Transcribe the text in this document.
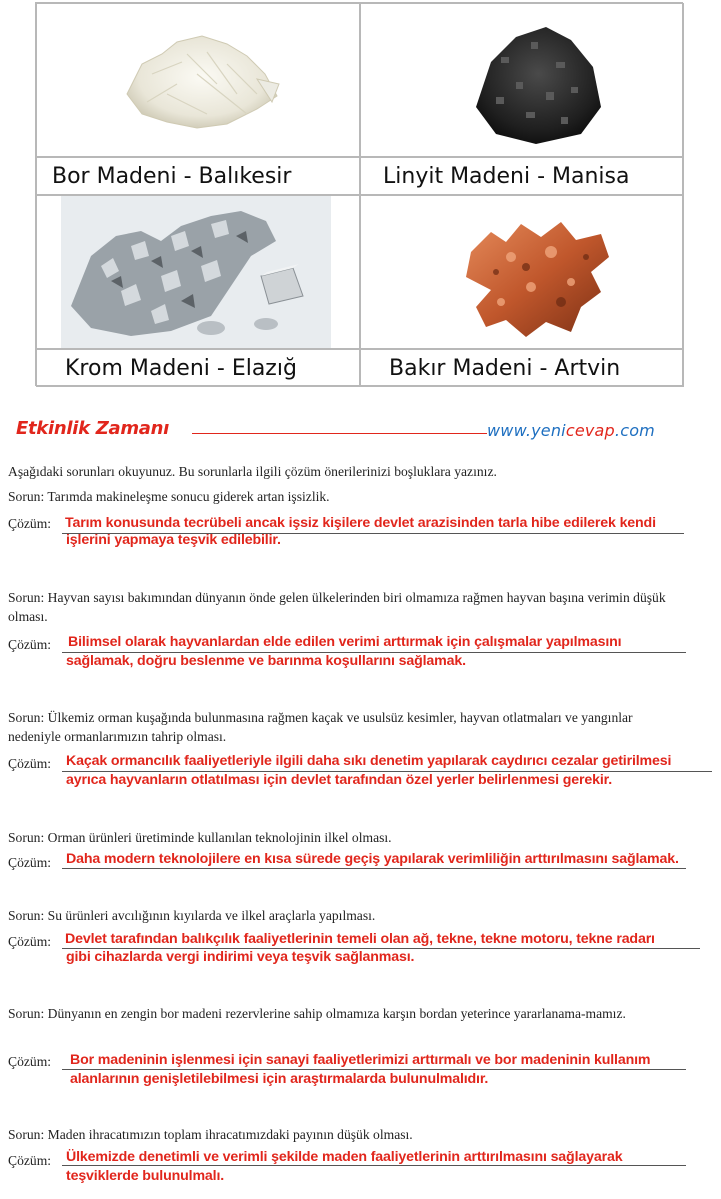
Bor Madeni - Balıkesir	Linyit Madeni - Manisa
Krom Madeni - Elazığ	Bakır Madeni - Artvin
Etkinlik Zamanı	www.yenicevap.com
Aşağıdaki sorunları okuyunuz. Bu sorunlarla ilgili çözüm önerilerinizi boşluklara yazınız.
Sorun: Tarımda makineleşme sonucu giderek artan işsizlik.
Çözüm: Tarım konusunda tecrübeli ancak işsiz kişilere devlet arazisinden tarla hibe edilerek kendi
işlerini yapmaya teşvik edilebilir.
Sorun: Hayvan sayısı bakımından dünyanın önde gelen ülkelerinden biri olmamıza rağmen hayvan başına verimin düşük olması.
Çözüm: Bilimsel olarak hayvanlardan elde edilen verimi arttırmak için çalışmalar yapılmasını
sağlamak, doğru beslenme ve barınma koşullarını sağlamak.
Sorun: Ülkemiz orman kuşağında bulunmasına rağmen kaçak ve usulsüz kesimler, hayvan otlatmaları ve yangınlar nedeniyle ormanlarımızın tahrip olması.
Çözüm: Kaçak ormancılık faaliyetleriyle ilgili daha sıkı denetim yapılarak caydırıcı cezalar getirilmesi
ayrıca hayvanların otlatılması için devlet tarafından özel yerler belirlenmesi gerekir.
Sorun: Orman ürünleri üretiminde kullanılan teknolojinin ilkel olması.
Çözüm: Daha modern teknolojilere en kısa sürede geçiş yapılarak verimliliğin arttırılmasını sağlamak.
Sorun: Su ürünleri avcılığının kıyılarda ve ilkel araçlarla yapılması.
Çözüm: Devlet tarafından balıkçılık faaliyetlerinin temeli olan ağ, tekne, tekne motoru, tekne radarı
gibi cihazlarda vergi indirimi veya teşvik sağlanması.
Sorun: Dünyanın en zengin bor madeni rezervlerine sahip olmamıza karşın bordan yeterince yararlanama-mamız.
Çözüm: Bor madeninin işlenmesi için sanayi faaliyetlerimizi arttırmalı ve bor madeninin kullanım
alanlarının genişletilebilmesi için araştırmalarda bulunulmalıdır.
Sorun: Maden ihracatımızın toplam ihracatımızdaki payının düşük olması.
Çözüm: Ülkemizde denetimli ve verimli şekilde maden faaliyetlerinin arttırılmasını sağlayarak
teşviklerde bulunulmalı.
